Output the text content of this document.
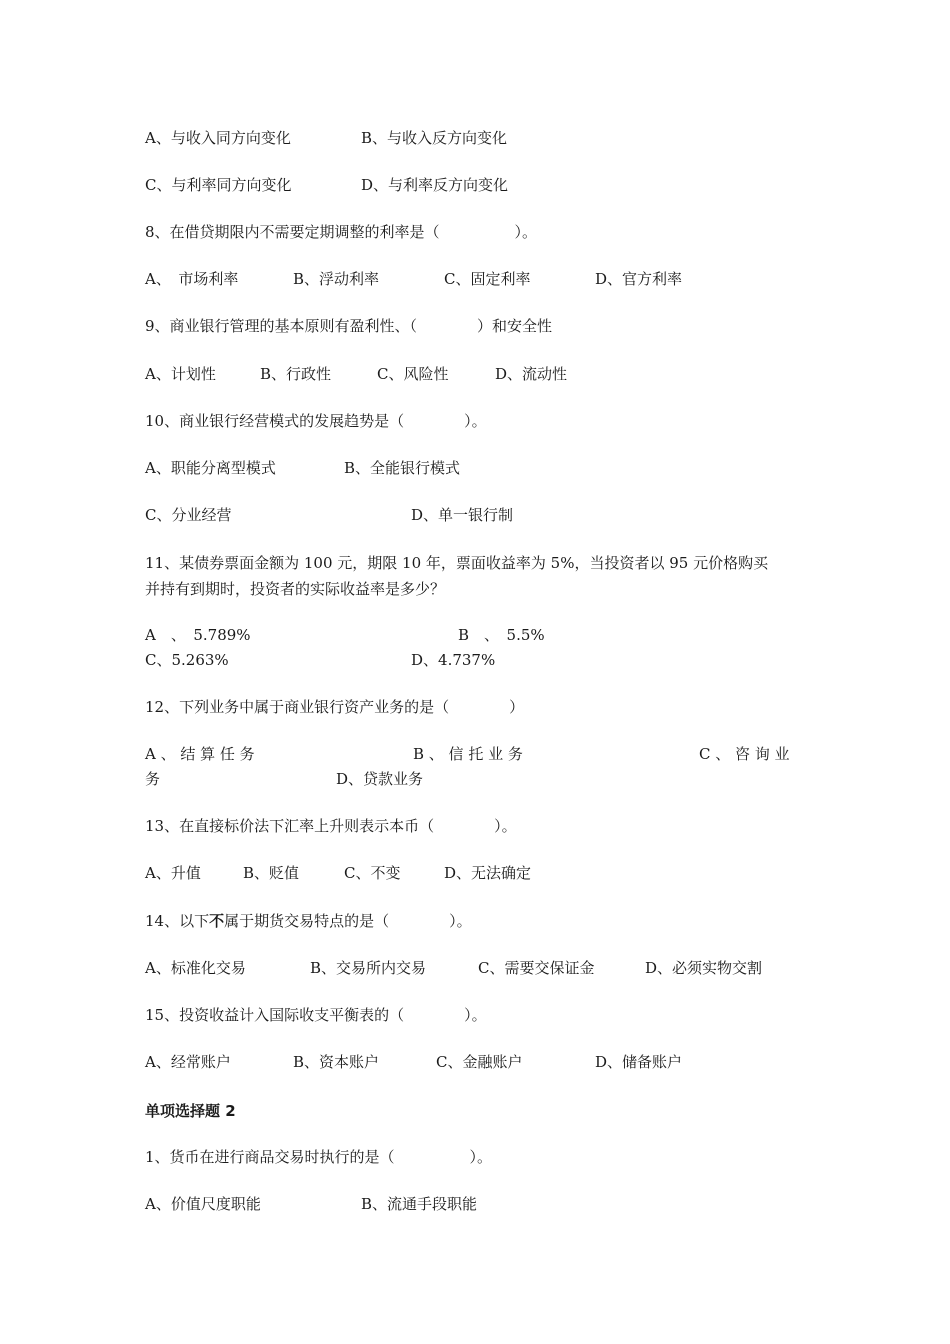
A、与收入同方向变化	B、与收入反方向变化
C、与利率同方向变化	D、与利率反方向变化
8、在借贷期限内不需要定期调整的利率是（　　　　　）。
A、　市场利率	B、浮动利率	C、固定利率	D、官方利率
9、商业银行管理的基本原则有盈利性、（　　　　）和安全性
A、计划性	B、行政性	C、风险性	D、流动性
10、商业银行经营模式的发展趋势是（　　　　）。
A、职能分离型模式	B、全能银行模式
C、分业经营	D、单一银行制
11、某债券票面金额为 100 元，期限 10 年，票面收益率为 5%，当投资者以 95 元价格购买
并持有到期时，投资者的实际收益率是多少？
A　、　5.789%	B　、　5.5%
C、5.263%	D、4.737%
12、下列业务中属于商业银行资产业务的是（　　　　）
A 、 结 算 任 务	B 、 信 托 业 务	C 、 咨 询 业
务	D、贷款业务
13、在直接标价法下汇率上升则表示本币（　　　　）。
A、升值	B、贬值	C、不变	D、无法确定
14、以下不属于期货交易特点的是（　　　　）。
A、标准化交易	B、交易所内交易	C、需要交保证金	D、必须实物交割
15、投资收益计入国际收支平衡表的（　　　　）。
A、经常账户	B、资本账户	C、金融账户	D、储备账户
单项选择题 2
1、货币在进行商品交易时执行的是（　　　　　）。
A、价值尺度职能	B、流通手段职能
